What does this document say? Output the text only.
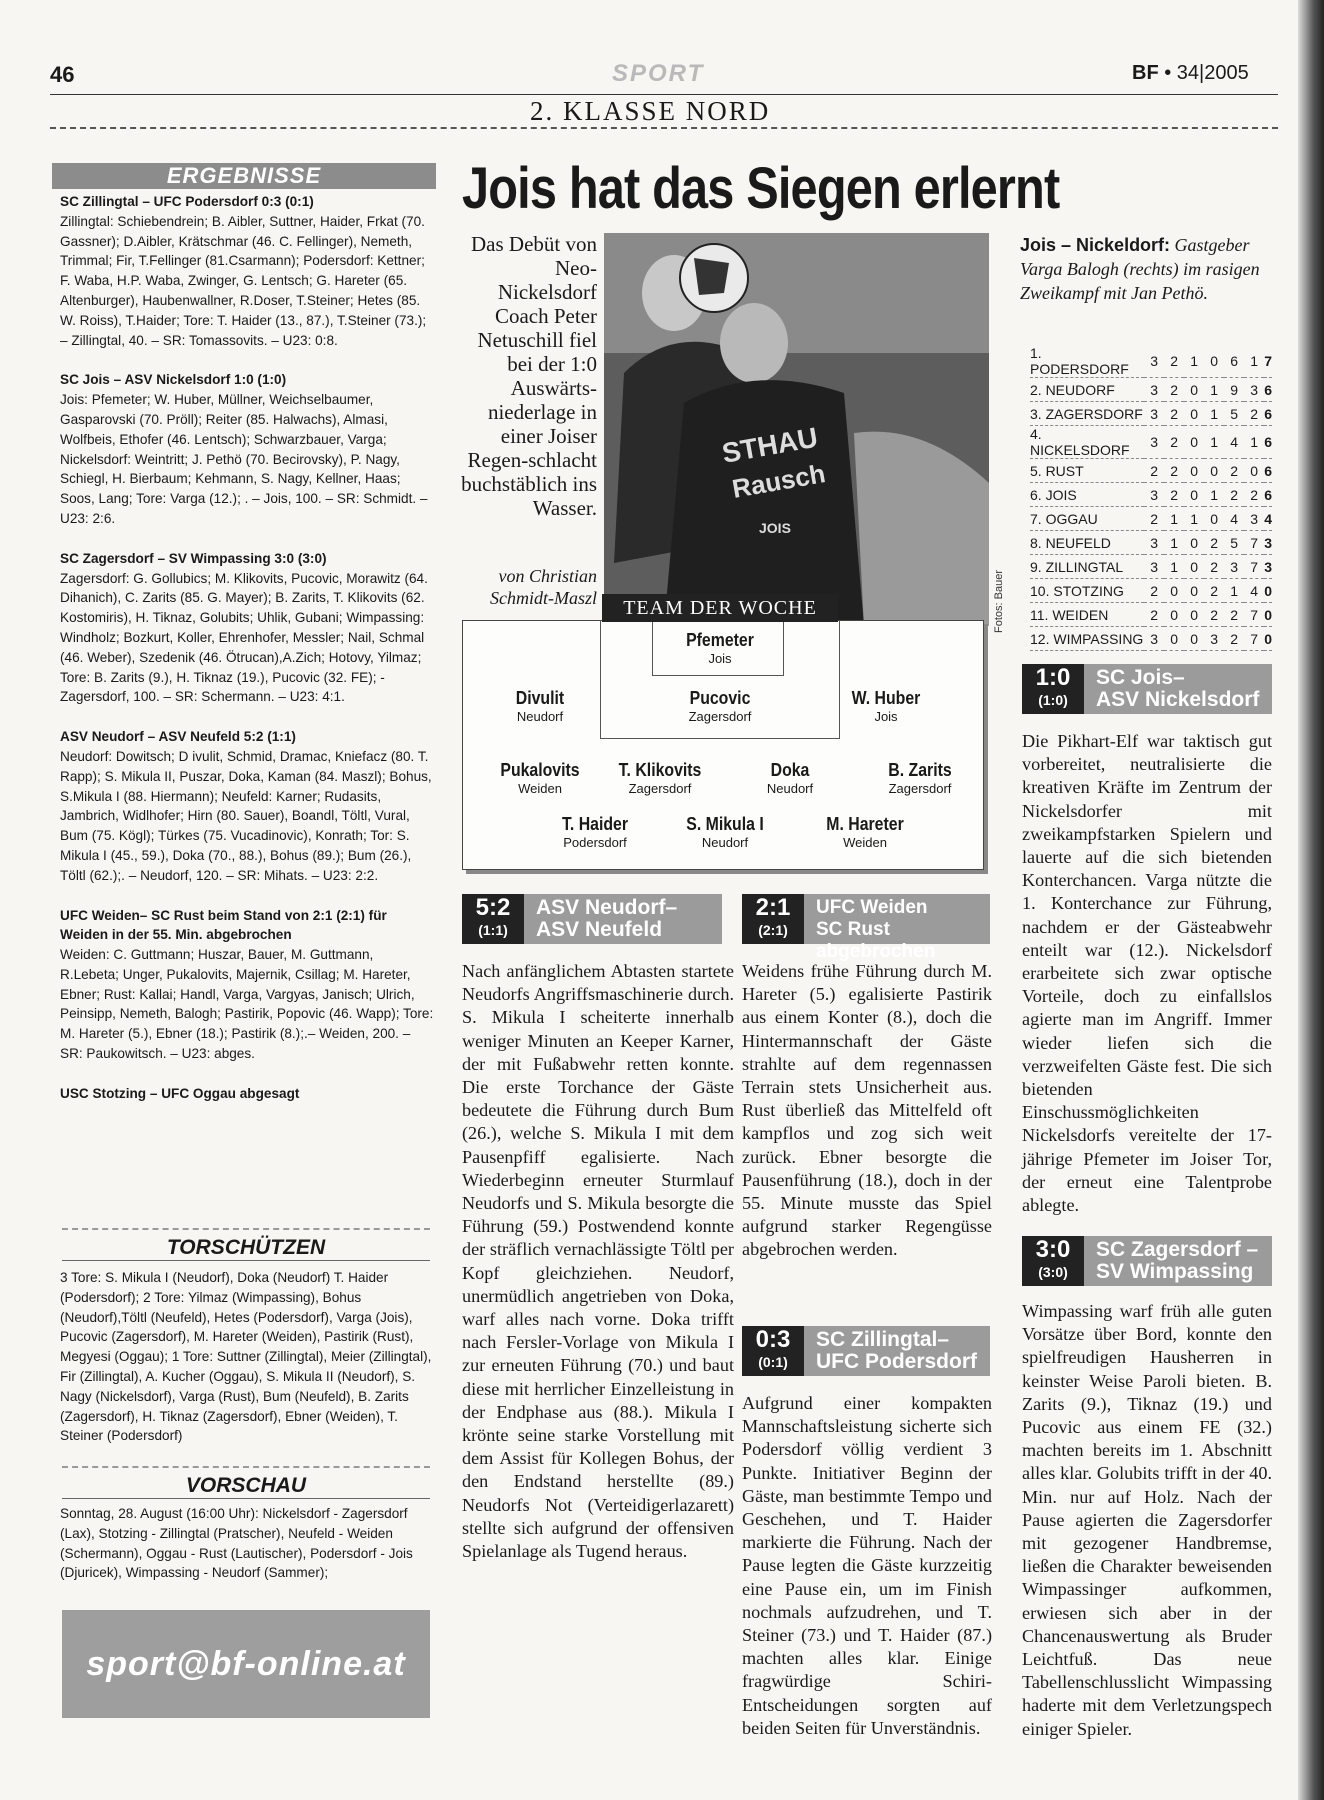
46	SPORT	BF • 34|2005
2. KLASSE NORD
ERGEBNISSE

SC Zillingtal – UFC Podersdorf 0:3 (0:1)
Zillingtal: Schiebendrein; B. Aibler, Suttner, Haider, Frkat (70. Gassner); D.Aibler, Krätschmar (46. C. Fellinger), Nemeth, Trimmal; Fir, T.Fellinger (81.Csarmann); Podersdorf: Kettner; F. Waba, H.P. Waba, Zwinger, G. Lentsch; G. Hareter (65. Altenburger), Haubenwallner, R.Doser, T.Steiner; Hetes (85. W. Roiss), T.Haider; Tore: T. Haider (13., 87.), T.Steiner (73.); – Zillingtal, 40. – SR: Tomassovits. – U23: 0:8.

SC Jois – ASV Nickelsdorf 1:0 (1:0)
Jois: Pfemeter; W. Huber, Müllner, Weichselbaumer, Gasparovski (70. Pröll); Reiter (85. Halwachs), Almasi, Wolfbeis, Ethofer (46. Lentsch); Schwarzbauer, Varga; Nickelsdorf: Weintritt; J. Pethö (70. Becirovsky), P. Nagy, Schiegl, H. Bierbaum; Kehmann, S. Nagy, Kellner, Haas; Soos, Lang; Tore: Varga (12.); . – Jois, 100. – SR: Schmidt. – U23: 2:6.

SC Zagersdorf – SV Wimpassing 3:0 (3:0)
Zagersdorf: G. Gollubics; M. Klikovits, Pucovic, Morawitz (64. Dihanich), C. Zarits (85. G. Mayer); B. Zarits, T. Klikovits (62. Kostomiris), H. Tiknaz, Golubits; Uhlik, Gubani; Wimpassing: Windholz; Bozkurt, Koller, Ehrenhofer, Messler; Nail, Schmal (46. Weber), Szedenik (46. Ötrucan),A.Zich; Hotovy, Yilmaz; Tore: B. Zarits (9.), H. Tiknaz (19.), Pucovic (32. FE); - Zagersdorf, 100. – SR: Schermann. – U23: 4:1.

ASV Neudorf – ASV Neufeld 5:2 (1:1)
Neudorf: Dowitsch; D ivulit, Schmid, Dramac, Kniefacz (80. T. Rapp); S. Mikula II, Puszar, Doka, Kaman (84. Maszl); Bohus, S.Mikula I (88. Hiermann); Neufeld: Karner; Rudasits, Jambrich, Widlhofer; Hirn (80. Sauer), Boandl, Töltl, Vural, Bum (75. Kögl); Türkes (75. Vucadinovic), Konrath; Tor: S. Mikula I (45., 59.), Doka (70., 88.), Bohus (89.); Bum (26.), Töltl (62.);. – Neudorf, 120. – SR: Mihats. – U23: 2:2.

UFC Weiden– SC Rust beim Stand von 2:1 (2:1) für Weiden in der 55. Min. abgebrochen
Weiden: C. Guttmann; Huszar, Bauer, M. Guttmann, R.Lebeta; Unger, Pukalovits, Majernik, Csillag; M. Hareter, Ebner; Rust: Kallai; Handl, Varga, Vargyas, Janisch; Ulrich, Peinsipp, Nemeth, Balogh; Pastirik, Popovic (46. Wapp); Tore: M. Hareter (5.), Ebner (18.); Pastirik (8.);.– Weiden, 200. – SR: Paukowitsch. – U23: abges.

USC Stotzing – UFC Oggau abgesagt

TORSCHÜTZEN
3 Tore: S. Mikula I (Neudorf), Doka (Neudorf) T. Haider (Podersdorf); 2 Tore: Yilmaz (Wimpassing), Bohus (Neudorf),Töltl (Neufeld), Hetes (Podersdorf), Varga (Jois), Pucovic (Zagersdorf), M. Hareter (Weiden), Pastirik (Rust), Megyesi (Oggau); 1 Tore: Suttner (Zillingtal), Meier (Zillingtal), Fir (Zillingtal), A. Kucher (Oggau), S. Mikula II (Neudorf), S. Nagy (Nickelsdorf), Varga (Rust), Bum (Neufeld), B. Zarits (Zagersdorf), H. Tiknaz (Zagersdorf), Ebner (Weiden), T. Steiner (Podersdorf)
VORSCHAU
Sonntag, 28. August (16:00 Uhr): Nickelsdorf - Zagersdorf (Lax), Stotzing - Zillingtal (Pratscher), Neufeld - Weiden (Schermann), Oggau - Rust (Lautischer), Podersdorf - Jois (Djuricek), Wimpassing - Neudorf (Sammer);
sport@bf-online.at
Jois hat das Siegen erlernt
Das Debüt von Neo-Nickelsdorf Coach Peter Netuschill fiel bei der 1:0 Auswärts-niederlage in einer Joiser Regen-schlacht buchstäblich ins Wasser.
von Christian Schmidt-Maszl
STHAU
Rausch
JOIS
Fotos: Bauer
Jois – Nickeldorf: Gastgeber Varga Balogh (rechts) im rasigen Zweikampf mit Jan Pethö.
1. PODERSDORF	3	2	1	0	6	1	7
2. NEUDORF	3	2	0	1	9	3	6
3. ZAGERSDORF	3	2	0	1	5	2	6
4. NICKELSDORF	3	2	0	1	4	1	6
5. RUST	2	2	0	0	2	0	6
6. JOIS	3	2	0	1	2	2	6
7. OGGAU	2	1	1	0	4	3	4
8. NEUFELD	3	1	0	2	5	7	3
9. ZILLINGTAL	3	1	0	2	3	7	3
10. STOTZING	2	0	0	2	1	4	0
11. WEIDEN	2	0	0	2	2	7	0
12. WIMPASSING	3	0	0	3	2	7	0
TEAM DER WOCHE
Pfemeter
Jois
Divulit
Neudorf
Pucovic
Zagersdorf
W. Huber
Jois
Pukalovits
Weiden
T. Klikovits
Zagersdorf
Doka
Neudorf
B. Zarits
Zagersdorf
T. Haider
Podersdorf
S. Mikula I
Neudorf
M. Hareter
Weiden
5:2
(1:1)
ASV Neudorf–
ASV Neufeld
Nach anfänglichem Abtasten startete Neudorfs Angriffsmaschinerie durch. S. Mikula I scheiterte innerhalb weniger Minuten an Keeper Karner, der mit Fußabwehr retten konnte. Die erste Torchance der Gäste bedeutete die Führung durch Bum (26.), welche S. Mikula I mit dem Pausenpfiff egalisierte. Nach Wiederbeginn erneuter Sturmlauf Neudorfs und S. Mikula besorgte die Führung (59.) Postwendend konnte der sträflich vernachlässigte Töltl per Kopf gleichziehen. Neudorf, unermüdlich angetrieben von Doka, warf alles nach vorne. Doka trifft nach Fersler-Vorlage von Mikula I zur erneuten Führung (70.) und baut diese mit herrlicher Einzelleistung in der Endphase aus (88.). Mikula I krönte seine starke Vorstellung mit dem Assist für Kollegen Bohus, der den Endstand herstellte (89.) Neudorfs Not (Verteidigerlazarett) stellte sich aufgrund der offensiven Spielanlage als Tugend heraus.
2:1
(2:1)
UFC Weiden
SC Rust abgebrochen
Weidens frühe Führung durch M. Hareter (5.) egalisierte Pastirik aus einem Konter (8.), doch die Hintermannschaft der Gäste strahlte auf dem regennassen Terrain stets Unsicherheit aus. Rust überließ das Mittelfeld oft kampflos und zog sich weit zurück. Ebner besorgte die Pausenführung (18.), doch in der 55. Minute musste das Spiel aufgrund starker Regengüsse abgebrochen werden.
0:3
(0:1)
SC Zillingtal–
UFC Podersdorf
Aufgrund einer kompakten Mannschaftsleistung sicherte sich Podersdorf völlig verdient 3 Punkte. Initiativer Beginn der Gäste, man bestimmte Tempo und Geschehen, und T. Haider markierte die Führung. Nach der Pause legten die Gäste kurzzeitig eine Pause ein, um im Finish nochmals aufzudrehen, und T. Steiner (73.) und T. Haider (87.) machten alles klar. Einige fragwürdige Schiri-Entscheidungen sorgten auf beiden Seiten für Unverständnis.
1:0
(1:0)
SC Jois–
ASV Nickelsdorf
Die Pikhart-Elf war taktisch gut vorbereitet, neutralisierte die kreativen Kräfte im Zentrum der Nickelsdorfer mit zweikampfstarken Spielern und lauerte auf die sich bietenden Konterchancen. Varga nützte die 1. Konterchance zur Führung, nachdem er der Gästeabwehr enteilt war (12.). Nickelsdorf erarbeitete sich zwar optische Vorteile, doch zu einfallslos agierte man im Angriff. Immer wieder liefen sich die verzweifelten Gäste fest. Die sich bietenden Einschussmöglichkeiten Nickelsdorfs vereitelte der 17-jährige Pfemeter im Joiser Tor, der erneut eine Talentprobe ablegte.
3:0
(3:0)
SC Zagersdorf –
SV Wimpassing
Wimpassing warf früh alle guten Vorsätze über Bord, konnte den spielfreudigen Hausherren in keinster Weise Paroli bieten. B. Zarits (9.), Tiknaz (19.) und Pucovic aus einem FE (32.) machten bereits im 1. Abschnitt alles klar. Golubits trifft in der 40. Min. nur auf Holz. Nach der Pause agierten die Zagersdorfer mit gezogener Handbremse, ließen die Charakter beweisenden Wimpassinger aufkommen, erwiesen sich aber in der Chancenauswertung als Bruder Leichtfuß. Das neue Tabellenschlusslicht Wimpassing haderte mit dem Verletzungspech einiger Spieler.
